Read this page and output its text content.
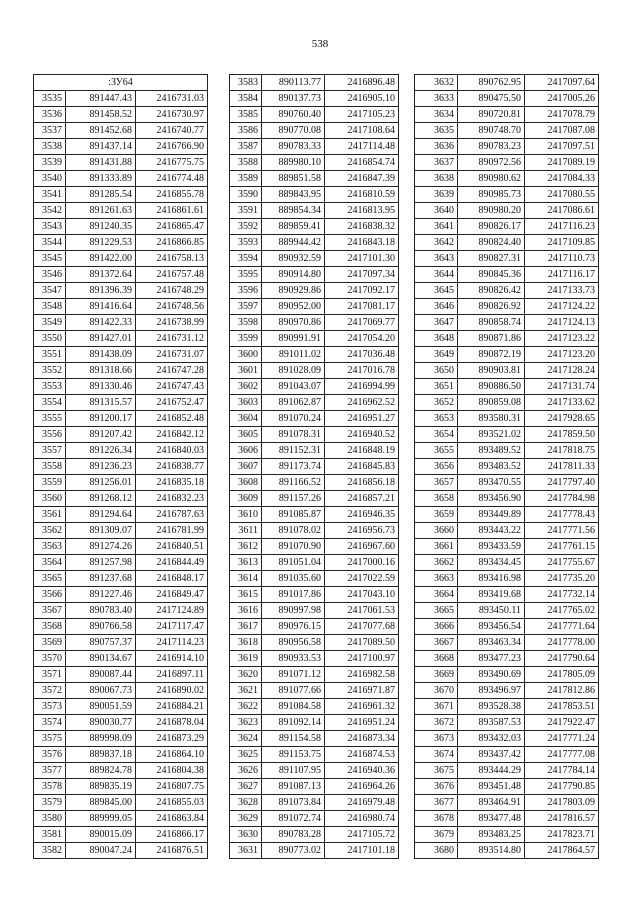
538
:ЗУ64		
3535	891447.43	2416731.03
3536	891458.52	2416730.97
3537	891452.68	2416740.77
3538	891437.14	2416766.90
3539	891431.88	2416775.75
3540	891333.89	2416774.48
3541	891285.54	2416855.78
3542	891261.63	2416861.61
3543	891240.35	2416865.47
3544	891229.53	2416866.85
3545	891422.00	2416758.13
3546	891372.64	2416757.48
3547	891396.39	2416748.29
3548	891416.64	2416748.56
3549	891422.33	2416738.99
3550	891427.01	2416731.12
3551	891438.09	2416731.07
3552	891318.66	2416747.28
3553	891330.46	2416747.43
3554	891315.57	2416752.47
3555	891200.17	2416852.48
3556	891207.42	2416842.12
3557	891226.34	2416840.03
3558	891236.23	2416838.77
3559	891256.01	2416835.18
3560	891268.12	2416832.23
3561	891294.64	2416787.63
3562	891309.07	2416781.99
3563	891274.26	2416840.51
3564	891257.98	2416844.49
3565	891237.68	2416848.17
3566	891227.46	2416849.47
3567	890783.40	2417124.89
3568	890766.58	2417117.47
3569	890757.37	2417114.23
3570	890134.67	2416914.10
3571	890087.44	2416897.11
3572	890067.73	2416890.02
3573	890051.59	2416884.21
3574	890030.77	2416878.04
3575	889998.09	2416873.29
3576	889837.18	2416864.10
3577	889824.78	2416804.38
3578	889835.19	2416807.75
3579	889845.00	2416855.03
3580	889999.05	2416863.84
3581	890015.09	2416866.17
3582	890047.24	2416876.51
3583	890113.77	2416896.48
3584	890137.73	2416905.10
3585	890760.40	2417105.23
3586	890770.08	2417108.64
3587	890783.33	2417114.48
3588	889980.10	2416854.74
3589	889851.58	2416847.39
3590	889843.95	2416810.59
3591	889854.34	2416813.95
3592	889859.41	2416838.32
3593	889944.42	2416843.18
3594	890932.59	2417101.30
3595	890914.80	2417097.34
3596	890929.86	2417092.17
3597	890952.00	2417081.17
3598	890970.86	2417069.77
3599	890991.91	2417054.20
3600	891011.02	2417036.48
3601	891028.09	2417016.78
3602	891043.07	2416994.99
3603	891062.87	2416962.52
3604	891070.24	2416951.27
3605	891078.31	2416940.52
3606	891152.31	2416848.19
3607	891173.74	2416845.83
3608	891166.52	2416856.18
3609	891157.26	2416857.21
3610	891085.87	2416946.35
3611	891078.02	2416956.73
3612	891070.90	2416967.60
3613	891051.04	2417000.16
3614	891035.60	2417022.59
3615	891017.86	2417043.10
3616	890997.98	2417061.53
3617	890976.15	2417077.68
3618	890956.58	2417089.50
3619	890933.53	2417100.97
3620	891071.12	2416982.58
3621	891077.66	2416971.87
3622	891084.58	2416961.32
3623	891092.14	2416951.24
3624	891154.58	2416873.34
3625	891153.75	2416874.53
3626	891107.95	2416940.36
3627	891087.13	2416964.26
3628	891073.84	2416979.48
3629	891072.74	2416980.74
3630	890783.28	2417105.72
3631	890773.02	2417101.18
3632	890762.95	2417097.64
3633	890475.50	2417005.26
3634	890720.81	2417078.79
3635	890748.70	2417087.08
3636	890783.23	2417097.51
3637	890972.56	2417089.19
3638	890980.62	2417084.33
3639	890985.73	2417080.55
3640	890980.20	2417086.61
3641	890826.17	2417116.23
3642	890824.40	2417109.85
3643	890827.31	2417110.73
3644	890845.36	2417116.17
3645	890826.42	2417133.73
3646	890826.92	2417124.22
3647	890858.74	2417124.13
3648	890871.86	2417123.22
3649	890872.19	2417123.20
3650	890903.81	2417128.24
3651	890886.50	2417131.74
3652	890859.08	2417133.62
3653	893580.31	2417928.65
3654	893521.02	2417859.50
3655	893489.52	2417818.75
3656	893483.52	2417811.33
3657	893470.55	2417797.40
3658	893456.90	2417784.98
3659	893449.89	2417778.43
3660	893443.22	2417771.56
3661	893433.59	2417761.15
3662	893434.45	2417755.67
3663	893416.98	2417735.20
3664	893419.68	2417732.14
3665	893450.11	2417765.02
3666	893456.54	2417771.64
3667	893463.34	2417778.00
3668	893477.23	2417790.64
3669	893490.69	2417805.09
3670	893496.97	2417812.86
3671	893528.38	2417853.51
3672	893587.53	2417922.47
3673	893432.03	2417771.24
3674	893437.42	2417777.08
3675	893444.29	2417784.14
3676	893451.48	2417790.85
3677	893464.91	2417803.09
3678	893477.48	2417816.57
3679	893483.25	2417823.71
3680	893514.80	2417864.57
